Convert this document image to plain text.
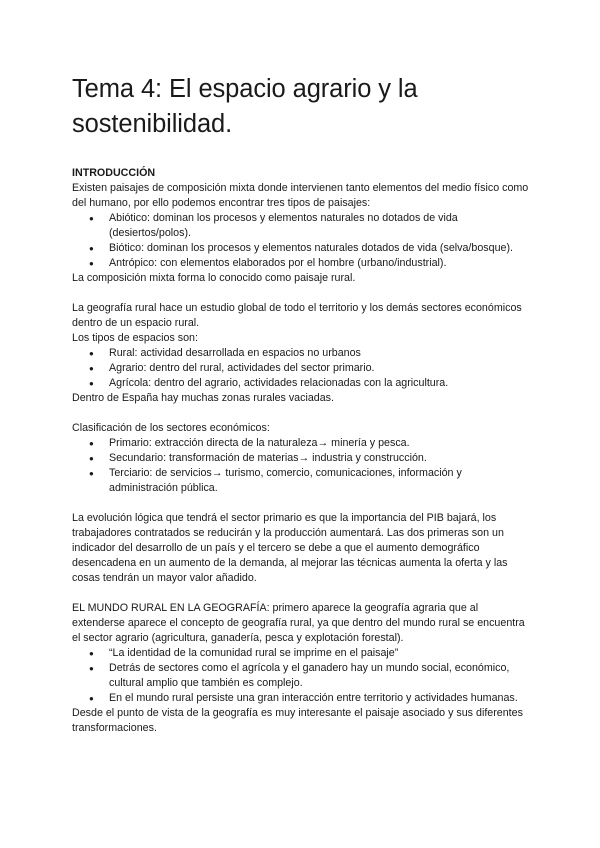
Tema 4: El espacio agrario y la sostenibilidad.

INTRODUCCIÓN

Existen paisajes de composición mixta donde intervienen tanto elementos del medio físico como del humano, por ello podemos encontrar tres tipos de paisajes:

● Abiótico: dominan los procesos y elementos naturales no dotados de vida (desiertos/polos).
● Biótico: dominan los procesos y elementos naturales dotados de vida (selva/bosque).
● Antrópico: con elementos elaborados por el hombre (urbano/industrial).

La composición mixta forma lo conocido como paisaje rural.

La geografía rural hace un estudio global de todo el territorio y los demás sectores económicos dentro de un espacio rural.

Los tipos de espacios son:

● Rural: actividad desarrollada en espacios no urbanos
● Agrario: dentro del rural, actividades del sector primario.
● Agrícola: dentro del agrario, actividades relacionadas con la agricultura.

Dentro de España hay muchas zonas rurales vaciadas.

Clasificación de los sectores económicos:

● Primario: extracción directa de la naturaleza→ minería y pesca.
● Secundario: transformación de materias→ industria y construcción.
● Terciario: de servicios→ turismo, comercio, comunicaciones, información y administración pública.

La evolución lógica que tendrá el sector primario es que la importancia del PIB bajará, los trabajadores contratados se reducirán y la producción aumentará. Las dos primeras son un indicador del desarrollo de un país y el tercero se debe a que el aumento demográfico desencadena en un aumento de la demanda, al mejorar las técnicas aumenta la oferta y las cosas tendrán un mayor valor añadido.

EL MUNDO RURAL EN LA GEOGRAFÍA: primero aparece la geografía agraria que al extenderse aparece el concepto de geografía rural, ya que dentro del mundo rural se encuentra el sector agrario (agricultura, ganadería, pesca y explotación forestal).

● “La identidad de la comunidad rural se imprime en el paisaje”
● Detrás de sectores como el agrícola y el ganadero hay un mundo social, económico, cultural amplio que también es complejo.
● En el mundo rural persiste una gran interacción entre territorio y actividades humanas.

Desde el punto de vista de la geografía es muy interesante el paisaje asociado y sus diferentes transformaciones.
